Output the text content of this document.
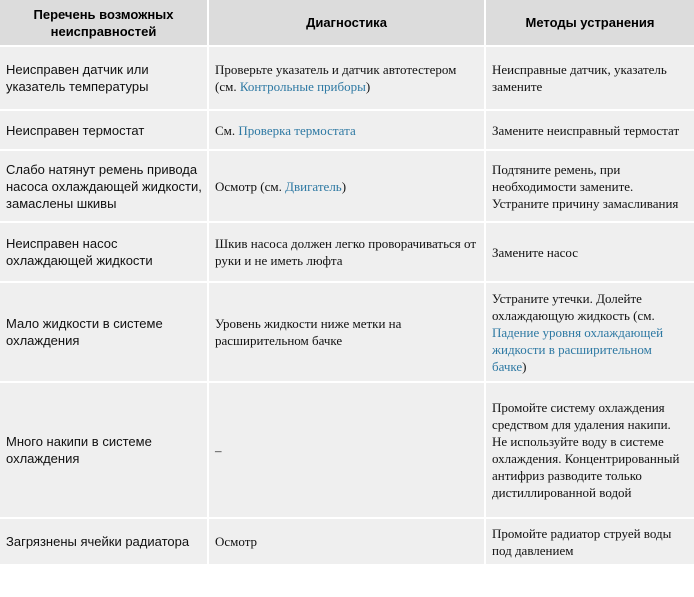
Перечень возможных неисправностей	Диагностика	Методы устранения
Неисправен датчик или указатель температуры	Проверьте указатель и датчик автотестером (см. Контрольные приборы)	Неисправные датчик, указатель замените
Неисправен термостат	См. Проверка термостата	Замените неисправный термостат
Слабо натянут ремень привода насоса охлаждающей жидкости, замаслены шкивы	Осмотр (см. Двигатель)	Подтяните ремень, при необходимости замените. Устраните причину замасливания
Неисправен насос охлаждающей жидкости	Шкив насоса должен легко проворачиваться от руки и не иметь люфта	Замените насос
Мало жидкости в системе охлаждения	Уровень жидкости ниже метки на расширительном бачке	Устраните утечки. Долейте охлаждающую жидкость (см. Падение уровня охлаждающей жидкости в расширительном бачке)
Много накипи в системе охлаждения	–	Промойте систему охлаждения средством для удаления накипи. Не используйте воду в системе охлаждения. Концентрированный антифриз разводите только дистиллированной водой
Загрязнены ячейки радиатора	Осмотр	Промойте радиатор струей воды под давлением
